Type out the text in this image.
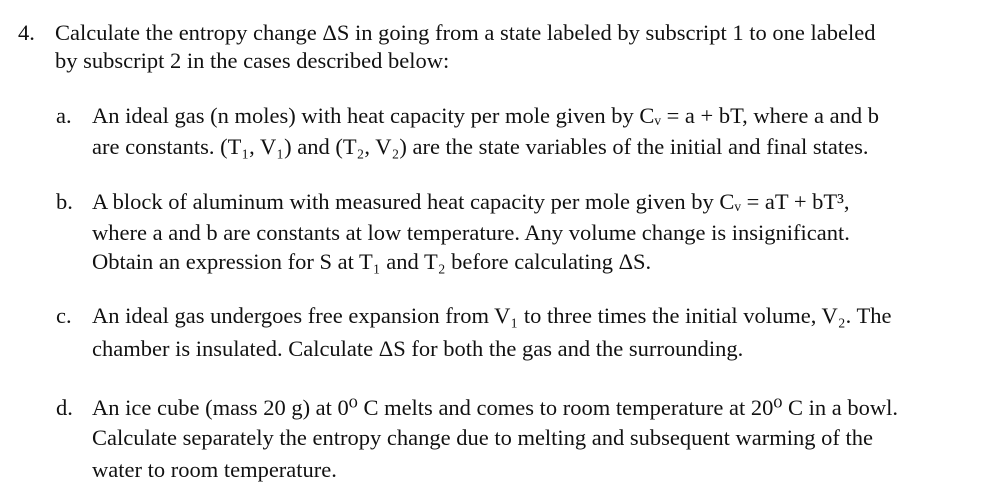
4. Calculate the entropy change ΔS in going from a state labeled by subscript 1 to one labeled
by subscript 2 in the cases described below:
a. An ideal gas (n moles) with heat capacity per mole given by Cᵥ = a + bT, where a and b
are constants. (T₁, V₁) and (T₂, V₂) are the state variables of the initial and final states.
b. A block of aluminum with measured heat capacity per mole given by Cᵥ = aT + bT³,
where a and b are constants at low temperature. Any volume change is insignificant.
Obtain an expression for S at T₁ and T₂ before calculating ΔS.
c. An ideal gas undergoes free expansion from V₁ to three times the initial volume, V₂. The
chamber is insulated. Calculate ΔS for both the gas and the surrounding.
d. An ice cube (mass 20 g) at 0⁰ C melts and comes to room temperature at 20⁰ C in a bowl.
Calculate separately the entropy change due to melting and subsequent warming of the
water to room temperature.
